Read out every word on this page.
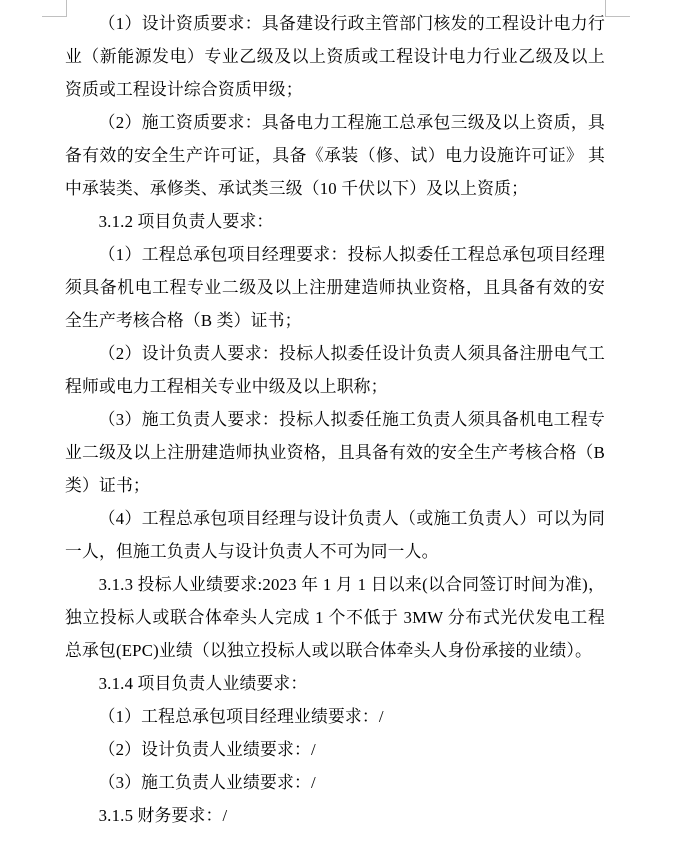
（1）设计资质要求：具备建设行政主管部门核发的工程设计电力行业（新能源发电）专业乙级及以上资质或工程设计电力行业乙级及以上资质或工程设计综合资质甲级；

（2）施工资质要求：具备电力工程施工总承包三级及以上资质，具备有效的安全生产许可证，具备《承装（修、试）电力设施许可证》 其中承装类、承修类、承试类三级（10 千伏以下）及以上资质；

3.1.2 项目负责人要求：

（1）工程总承包项目经理要求：投标人拟委任工程总承包项目经理须具备机电工程专业二级及以上注册建造师执业资格，且具备有效的安全生产考核合格（B 类）证书；

（2）设计负责人要求：投标人拟委任设计负责人须具备注册电气工程师或电力工程相关专业中级及以上职称；

（3）施工负责人要求：投标人拟委任施工负责人须具备机电工程专业二级及以上注册建造师执业资格，且具备有效的安全生产考核合格（B 类）证书；

（4）工程总承包项目经理与设计负责人（或施工负责人）可以为同一人，但施工负责人与设计负责人不可为同一人。

3.1.3 投标人业绩要求:2023 年 1 月 1 日以来(以合同签订时间为准)，独立投标人或联合体牵头人完成 1 个不低于 3MW 分布式光伏发电工程总承包(EPC)业绩（以独立投标人或以联合体牵头人身份承接的业绩）。

3.1.4 项目负责人业绩要求：

（1）工程总承包项目经理业绩要求：/

（2）设计负责人业绩要求：/

（3）施工负责人业绩要求：/

3.1.5 财务要求：/
